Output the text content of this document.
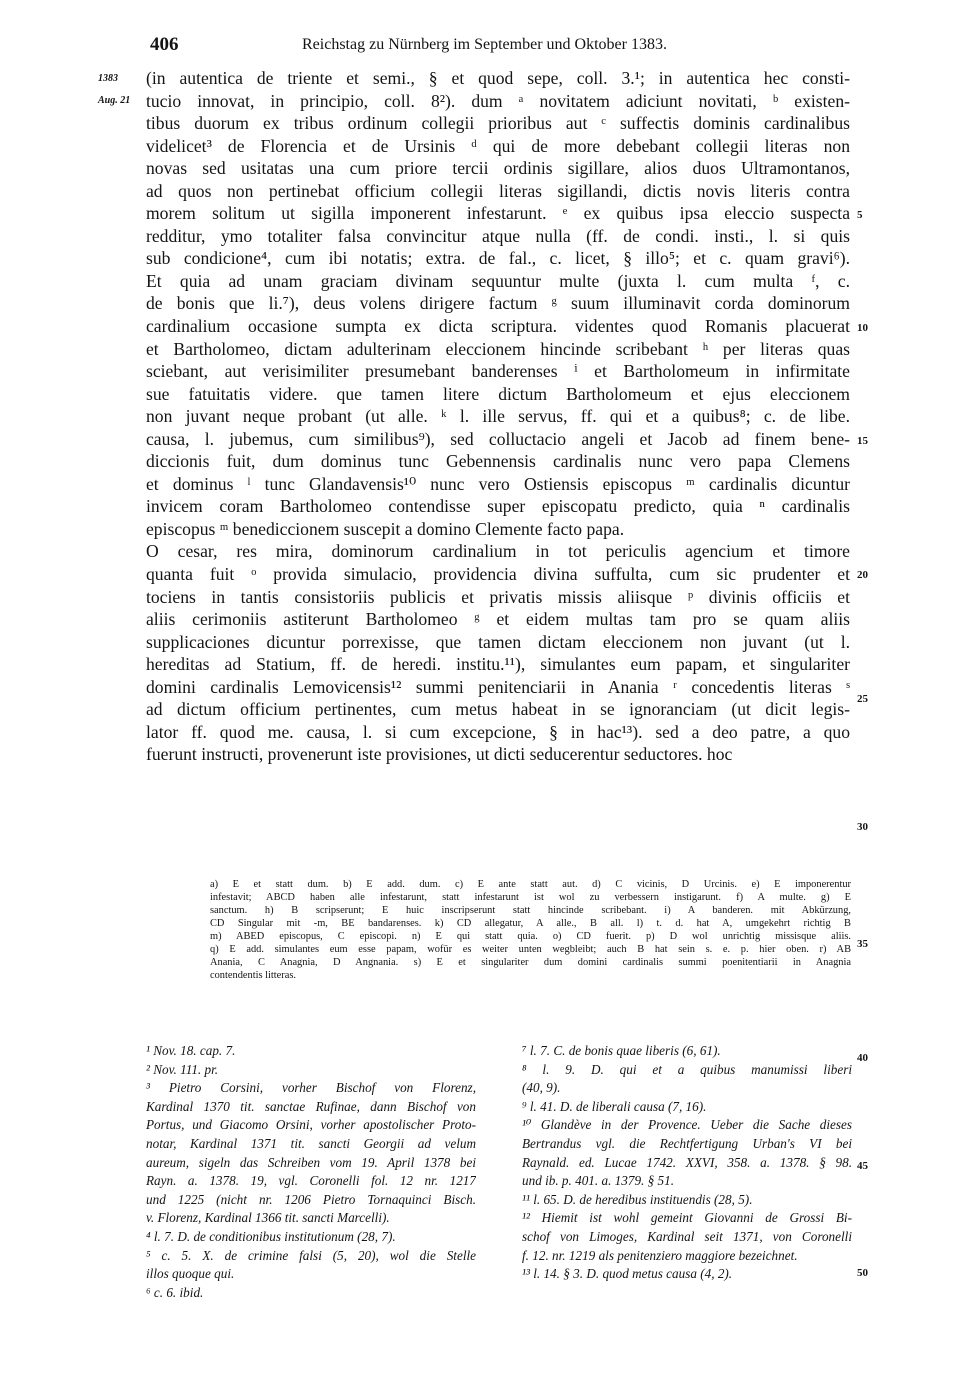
406	Reichstag zu Nürnberg im September und Oktober 1383.
1383
Aug. 21
(in autentica de triente et semi., § et quod sepe, coll. 3.¹; in autentica hec consti-
tucio innovat, in principio, coll. 8²). dum ᵃ novitatem adiciunt novitati, ᵇ existen-
tibus duorum ex tribus ordinum collegii prioribus aut ᶜ suffectis dominis cardinalibus
videlicet³ de Florencia et de Ursinis ᵈ qui de more debebant collegii literas non
novas sed usitatas una cum priore tercii ordinis sigillare, alios duos Ultramontanos,
ad quos non pertinebat officium collegii literas sigillandi, dictis novis literis contra
morem solitum ut sigilla imponerent infestarunt. ᵉ ex quibus ipsa eleccio suspecta
redditur, ymo totaliter falsa convincitur atque nulla (ff. de condi. insti., l. si quis
sub condicione⁴, cum ibi notatis; extra. de fal., c. licet, § illo⁵; et c. quam gravi⁶).
Et quia ad unam graciam divinam sequuntur multe (juxta l. cum multa ᶠ, c.
de bonis que li.⁷), deus volens dirigere factum ᵍ suum illuminavit corda dominorum
cardinalium occasione sumpta ex dicta scriptura. videntes quod Romanis placuerat
et Bartholomeo, dictam adulterinam eleccionem hincinde scribebant ʰ per literas quas
sciebant, aut verisimiliter presumebant banderenses ⁱ et Bartholomeum in infirmitate
sue fatuitatis videre. que tamen litere dictum Bartholomeum et ejus eleccionem
non juvant neque probant (ut alle. ᵏ l. ille servus, ff. qui et a quibus⁸; c. de libe.
causa, l. jubemus, cum similibus⁹), sed colluctacio angeli et Jacob ad finem bene-
diccionis fuit, dum dominus tunc Gebennensis cardinalis nunc vero papa Clemens
et dominus ˡ tunc Glandavensis¹⁰ nunc vero Ostiensis episcopus ᵐ cardinalis dicuntur
invicem coram Bartholomeo contendisse super episcopatu predicto, quia ⁿ cardinalis
episcopus ᵐ benediccionem suscepit a domino Clemente facto papa.
O cesar, res mira, dominorum cardinalium in tot periculis agencium et timore
quanta fuit ᵒ provida simulacio, providencia divina suffulta, cum sic prudenter et
tociens in tantis consistoriis publicis et privatis missis aliisque ᵖ divinis officiis et
aliis cerimoniis astiterunt Bartholomeo ᵍ et eidem multas tam pro se quam aliis
supplicaciones dicuntur porrexisse, que tamen dictam eleccionem non juvant (ut l.
hereditas ad Statium, ff. de heredi. institu.¹¹), simulantes eum papam, et singulariter
domini cardinalis Lemovicensis¹² summi penitenciarii in Anania ʳ concedentis literas ˢ
ad dictum officium pertinentes, cum metus habeat in se ignoranciam (ut dicit legis-
lator ff. quod me. causa, l. si cum excepcione, § in hac¹³). sed a deo patre, a quo
fuerunt instructi, provenerunt iste provisiones, ut dicti seducerentur seductores. hoc
5
10
15
20
25
30
35
40
45
50
a) E et statt dum. b) E add. dum. c) E ante statt aut. d) C vicinis, D Urcinis. e) E imponerentur
infestavit; ABCD haben alle infestarunt, statt infestarunt ist wol zu verbessern instigarunt. f) A multe. g) E
sanctum. h) B scripserunt; E huic inscripserunt statt hincinde scribebant. i) A banderen. mit Abkürzung,
CD Singular mit -m, BE bandarenses. k) CD allegatur, A alle., B all. l) t. d. hat A, umgekehrt richtig B
m) ABED episcopus, C episcopi. n) E qui statt quia. o) CD fuerit. p) D wol unrichtig missisque aliis.
q) E add. simulantes eum esse papam, wofür es weiter unten wegbleibt; auch B hat sein s. e. p. hier oben. r) AB
Anania, C Anagnia, D Angnania. s) E et singulariter dum domini cardinalis summi poenitentiarii in Anagnia
contendentis litteras.
¹ Nov. 18. cap. 7.
² Nov. 111. pr.
³ Pietro Corsini, vorher Bischof von Florenz,
Kardinal 1370 tit. sanctae Rufinae, dann Bischof von
Portus, und Giacomo Orsini, vorher apostolischer Proto-
notar, Kardinal 1371 tit. sancti Georgii ad velum
aureum, sigeln das Schreiben vom 19. April 1378 bei
Rayn. a. 1378. 19, vgl. Coronelli fol. 12 nr. 1217
und 1225 (nicht nr. 1206 Pietro Tornaquinci Bisch.
v. Florenz, Kardinal 1366 tit. sancti Marcelli).
⁴ l. 7. D. de conditionibus institutionum (28, 7).
⁵ c. 5. X. de crimine falsi (5, 20), wol die Stelle
illos quoque qui.
⁶ c. 6. ibid.
⁷ l. 7. C. de bonis quae liberis (6, 61).
⁸ l. 9. D. qui et a quibus manumissi liberi
(40, 9).
⁹ l. 41. D. de liberali causa (7, 16).
¹⁰ Glandève in der Provence. Ueber die Sache dieses
Bertrandus vgl. die Rechtfertigung Urban's VI bei
Raynald. ed. Lucae 1742. XXVI, 358. a. 1378. § 98.
und ib. p. 401. a. 1379. § 51.
¹¹ l. 65. D. de heredibus instituendis (28, 5).
¹² Hiemit ist wohl gemeint Giovanni de Grossi Bi-
schof von Limoges, Kardinal seit 1371, von Coronelli
f. 12. nr. 1219 als penitenziero maggiore bezeichnet.
¹³ l. 14. § 3. D. quod metus causa (4, 2).
